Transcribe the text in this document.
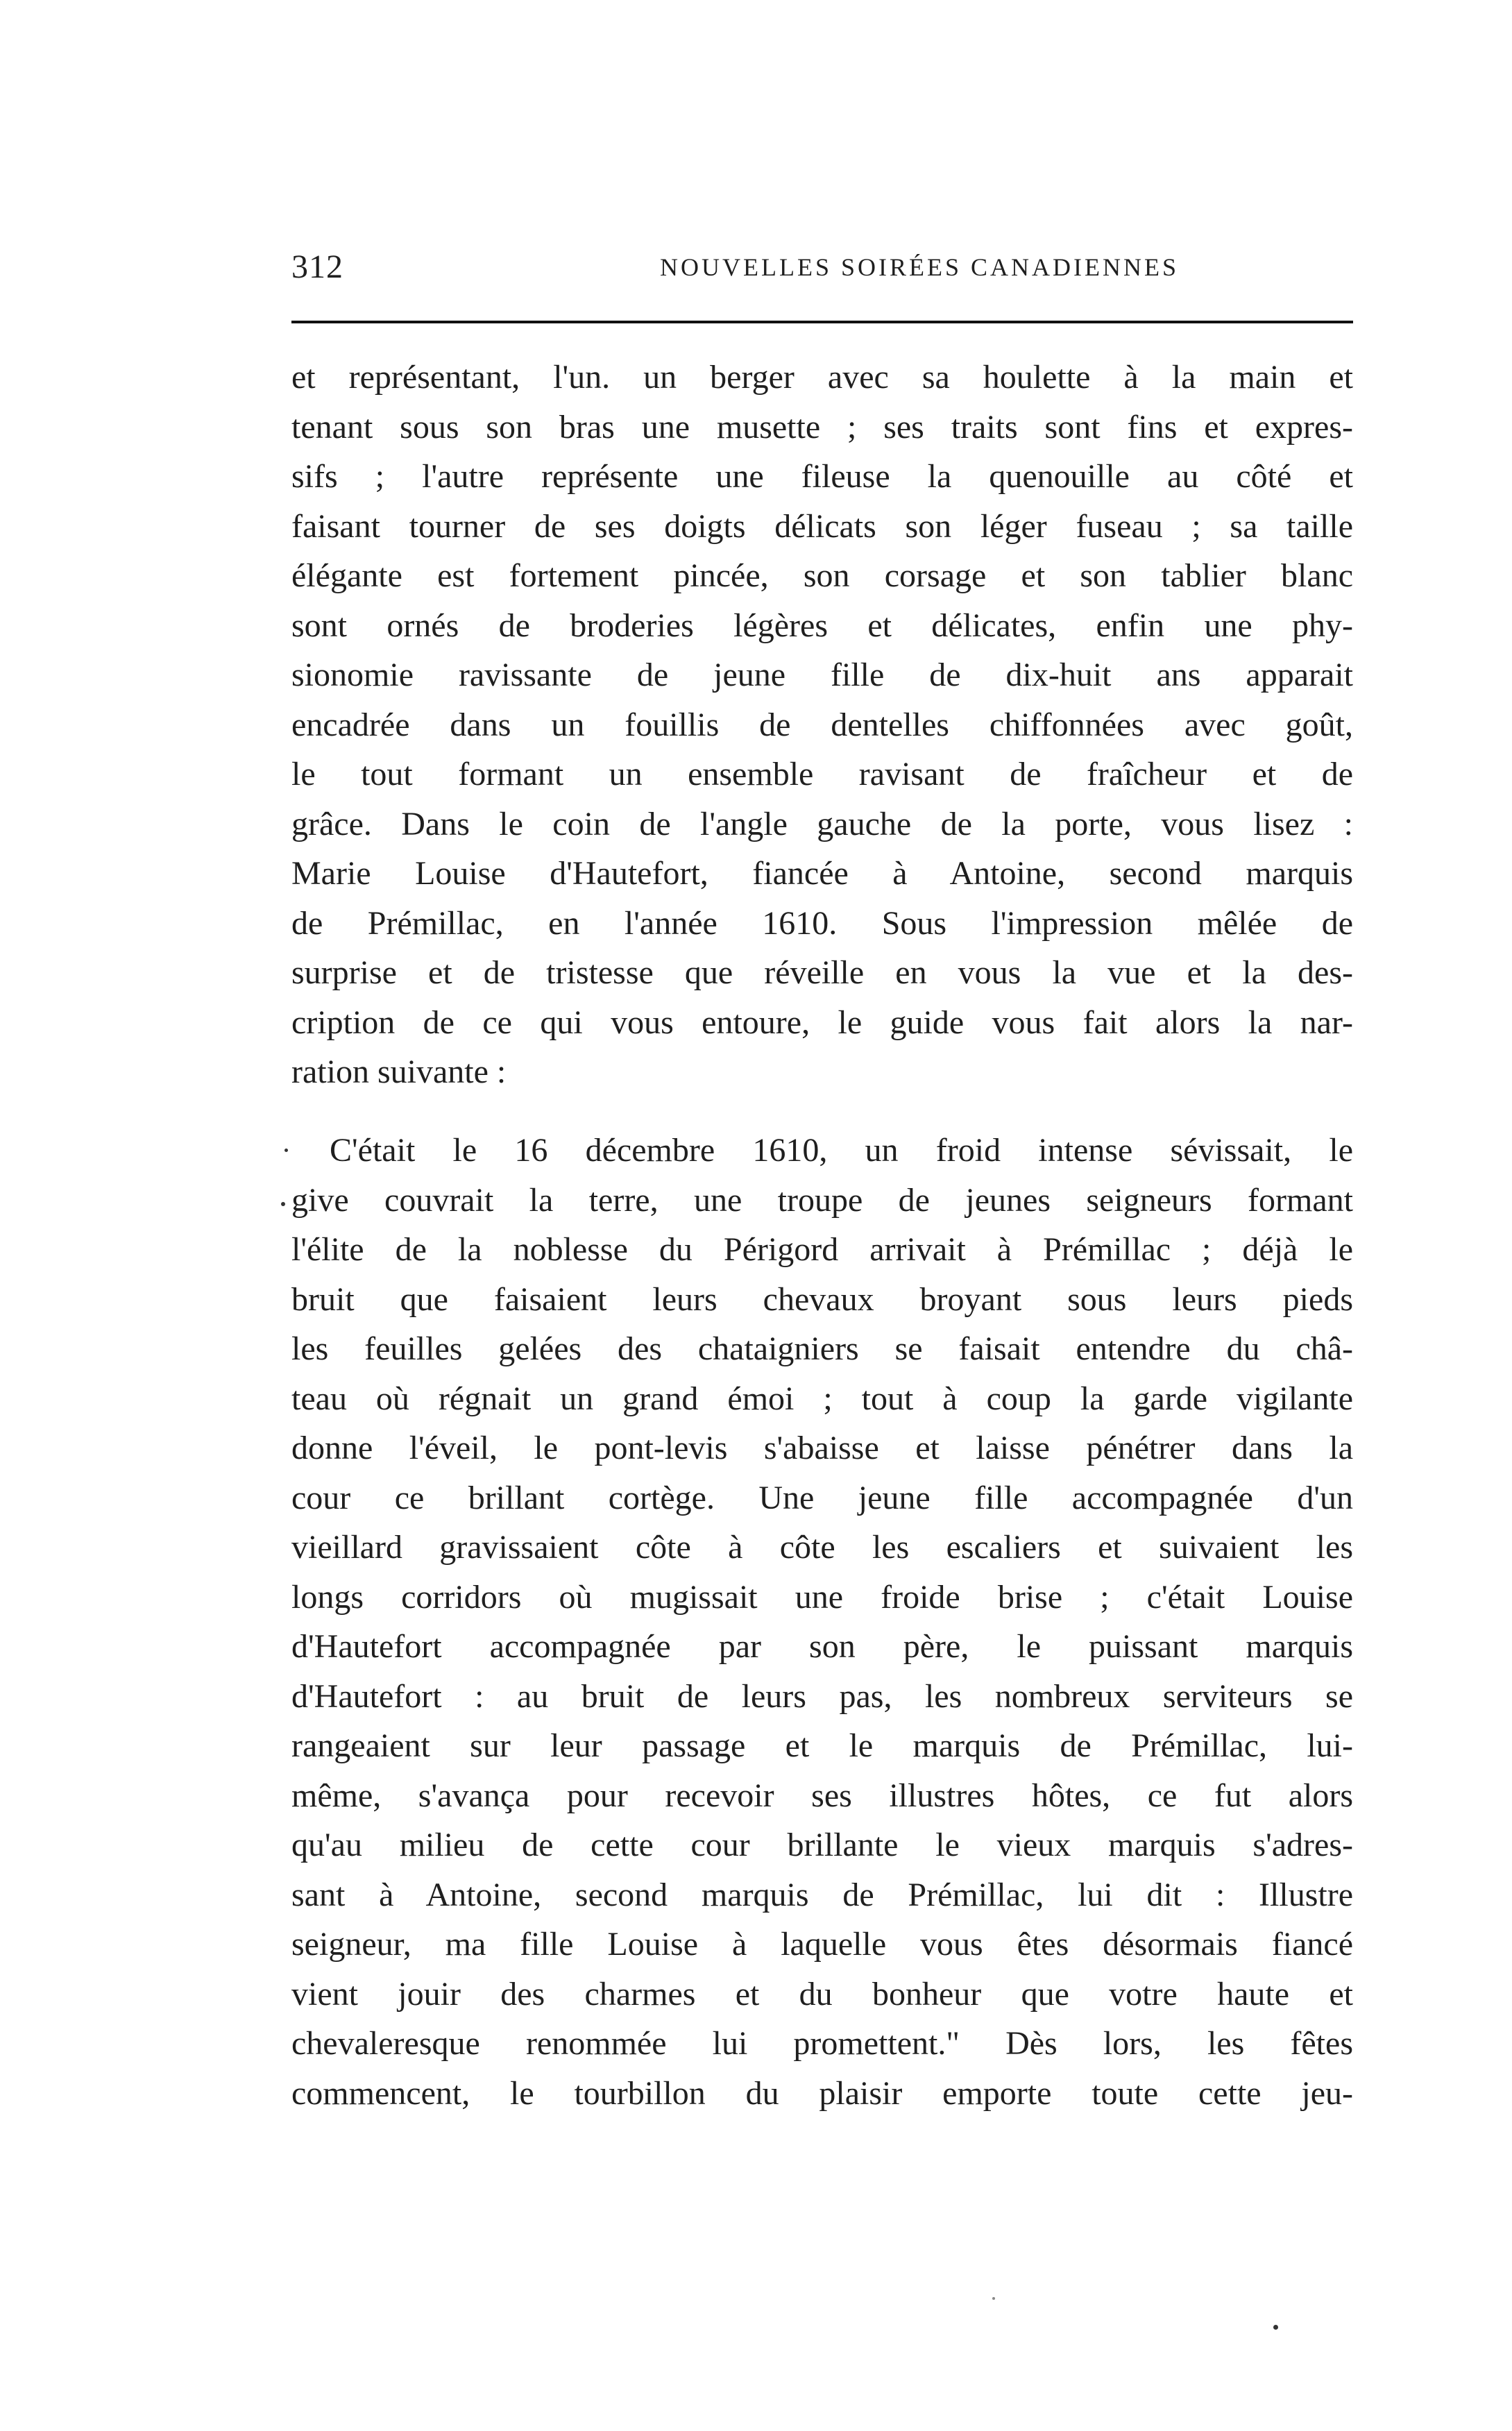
312	NOUVELLES SOIRÉES CANADIENNES
et représentant, l'un. un berger avec sa houlette à la main et
tenant sous son bras une musette ; ses traits sont fins et expres-
sifs ; l'autre représente une fileuse la quenouille au côté et
faisant tourner de ses doigts délicats son léger fuseau ; sa taille
élégante est fortement pincée, son corsage et son tablier blanc
sont ornés de broderies légères et délicates, enfin une phy-
sionomie ravissante de jeune fille de dix-huit ans apparait
encadrée dans un fouillis de dentelles chiffonnées avec goût,
le tout formant un ensemble ravisant de fraîcheur et de
grâce. Dans le coin de l'angle gauche de la porte, vous lisez :
Marie Louise d'Hautefort, fiancée à Antoine, second marquis
de Prémillac, en l'année 1610. Sous l'impression mêlée de
surprise et de tristesse que réveille en vous la vue et la des-
cription de ce qui vous entoure, le guide vous fait alors la nar-
ration suivante :
C'était le 16 décembre 1610, un froid intense sévissait, le
give couvrait la terre, une troupe de jeunes seigneurs formant
l'élite de la noblesse du Périgord arrivait à Prémillac ; déjà le
bruit que faisaient leurs chevaux broyant sous leurs pieds
les feuilles gelées des chataigniers se faisait entendre du châ-
teau où régnait un grand émoi ; tout à coup la garde vigilante
donne l'éveil, le pont-levis s'abaisse et laisse pénétrer dans la
cour ce brillant cortège. Une jeune fille accompagnée d'un
vieillard gravissaient côte à côte les escaliers et suivaient les
longs corridors où mugissait une froide brise ; c'était Louise
d'Hautefort accompagnée par son père, le puissant marquis
d'Hautefort : au bruit de leurs pas, les nombreux serviteurs se
rangeaient sur leur passage et le marquis de Prémillac, lui-
même, s'avança pour recevoir ses illustres hôtes, ce fut alors
qu'au milieu de cette cour brillante le vieux marquis s'adres-
sant à Antoine, second marquis de Prémillac, lui dit : Illustre
seigneur, ma fille Louise à laquelle vous êtes désormais fiancé
vient jouir des charmes et du bonheur que votre haute et
chevaleresque renommée lui promettent." Dès lors, les fêtes
commencent, le tourbillon du plaisir emporte toute cette jeu-
